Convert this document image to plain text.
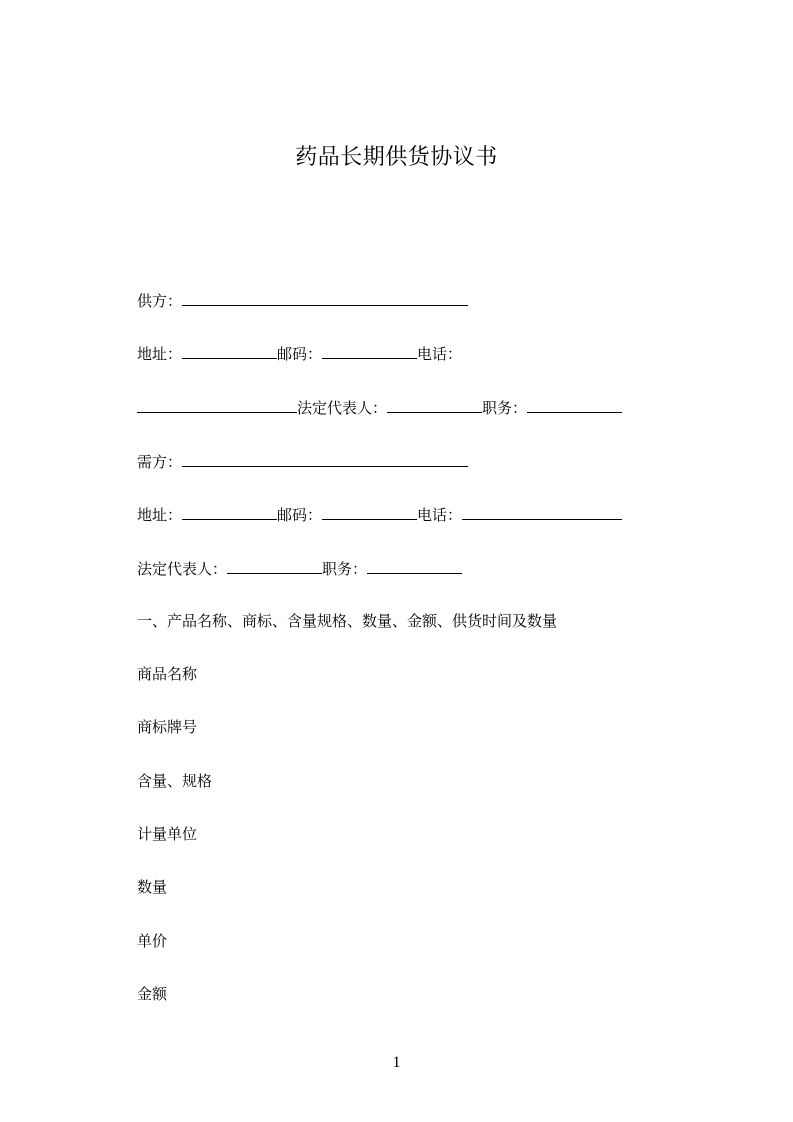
药品长期供货协议书
供方：
地址：	邮码：	电话：
法定代表人：	职务：
需方：
地址：	邮码：	电话：
法定代表人：	职务：
一、产品名称、商标、含量规格、数量、金额、供货时间及数量
商品名称
商标牌号
含量、规格
计量单位
数量
单价
金额
1
